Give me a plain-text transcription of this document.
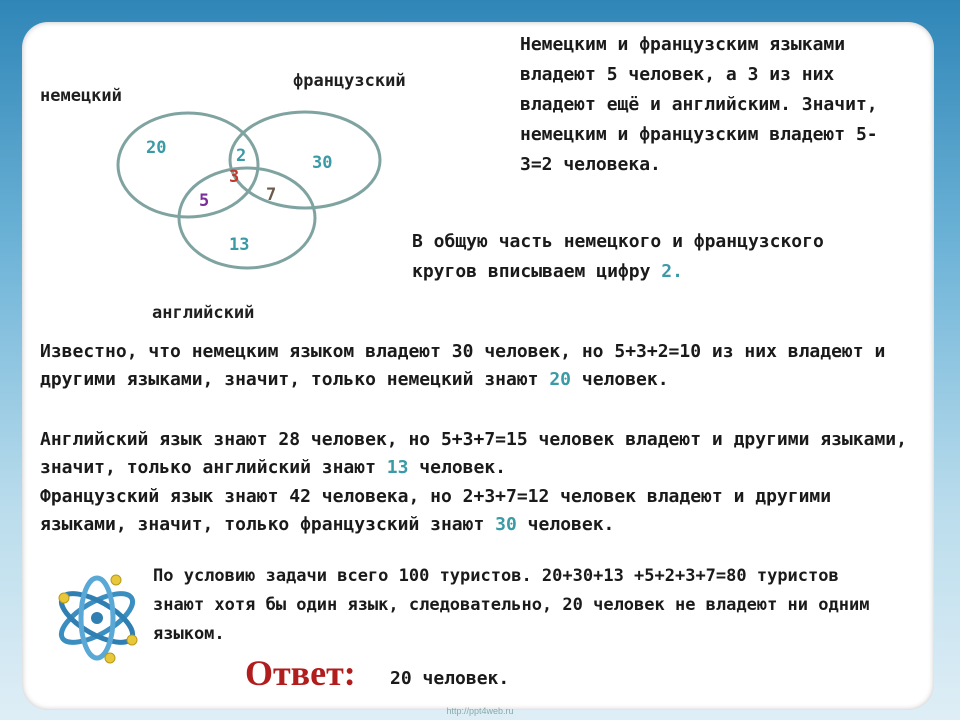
немецкий
французский
английский
20	2
3
5	7
30
13
Немецким и французским языками владеют 5 человек, а 3 из них владеют ещё и английским. Значит, немецким и французским владеют 5-3=2 человека.
В общую часть немецкого и французского кругов вписываем цифру 2.
Известно, что немецким языком владеют 30 человек, но 5+3+2=10 из них владеют и другими языками, значит, только немецкий знают 20 человек.
Английский язык знают 28 человек, но 5+3+7=15 человек владеют и другими языками, значит, только английский знают 13 человек.
Французский язык знают 42 человека, но 2+3+7=12 человек владеют и другими языками, значит, только французский знают 30 человек.
По условию задачи всего 100 туристов. 20+30+13 +5+2+3+7=80 туристов знают хотя бы один язык, следовательно, 20 человек не владеют ни одним языком.
Ответ: 20 человек.
http://ppt4web.ru
